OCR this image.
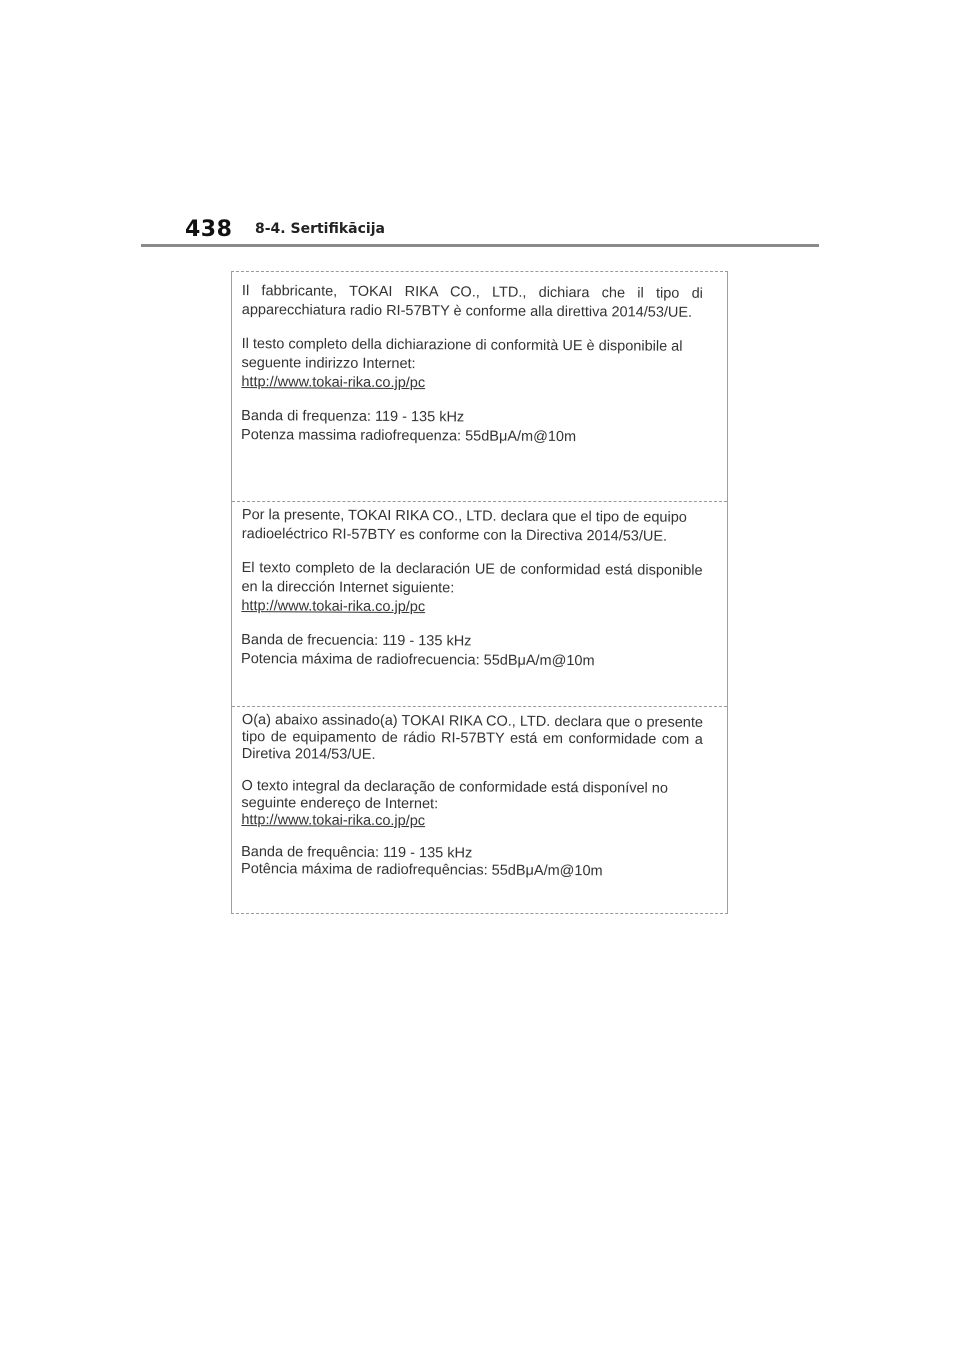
438	8-4. Sertifikācija

Il fabbricante, TOKAI RIKA CO., LTD., dichiara che il tipo di apparecchiatura radio RI-57BTY è conforme alla direttiva 2014/53/UE.

Il testo completo della dichiarazione di conformità UE è disponibile al seguente indirizzo Internet:
http://www.tokai-rika.co.jp/pc

Banda di frequenza: 119 - 135 kHz
Potenza massima radiofrequenza: 55dBμA/m@10m

Por la presente, TOKAI RIKA CO., LTD. declara que el tipo de equipo radioeléctrico RI-57BTY es conforme con la Directiva 2014/53/UE.

El texto completo de la declaración UE de conformidad está disponible en la dirección Internet siguiente:
http://www.tokai-rika.co.jp/pc

Banda de frecuencia: 119 - 135 kHz
Potencia máxima de radiofrecuencia: 55dBμA/m@10m

O(a) abaixo assinado(a) TOKAI RIKA CO., LTD. declara que o presente tipo de equipamento de rádio RI-57BTY está em conformidade com a Diretiva 2014/53/UE.

O texto integral da declaração de conformidade está disponível no seguinte endereço de Internet:
http://www.tokai-rika.co.jp/pc

Banda de frequência: 119 - 135 kHz
Potência máxima de radiofrequências: 55dBμA/m@10m
